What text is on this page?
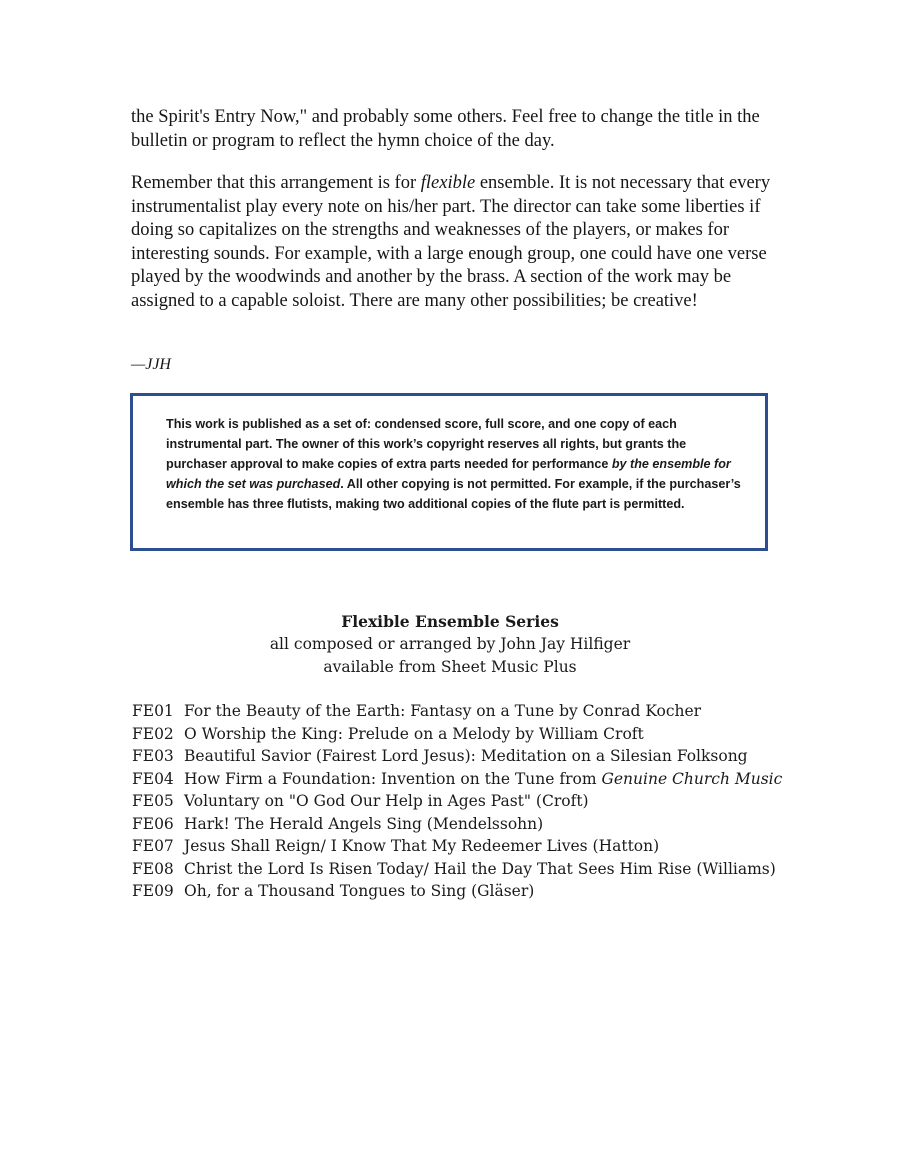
the Spirit's Entry Now," and probably some others. Feel free to change the title in the bulletin or program to reflect the hymn choice of the day.

Remember that this arrangement is for flexible ensemble. It is not necessary that every instrumentalist play every note on his/her part. The director can take some liberties if doing so capitalizes on the strengths and weaknesses of the players, or makes for interesting sounds. For example, with a large enough group, one could have one verse played by the woodwinds and another by the brass. A section of the work may be assigned to a capable soloist. There are many other possibilities; be creative!

—JJH
This work is published as a set of: condensed score, full score, and one copy of each instrumental part. The owner of this work’s copyright reserves all rights, but grants the purchaser approval to make copies of extra parts needed for performance by the ensemble for which the set was purchased. All other copying is not permitted. For example, if the purchaser’s ensemble has three flutists, making two additional copies of the flute part is permitted.
Flexible Ensemble Series
all composed or arranged by John Jay Hilfiger
available from Sheet Music Plus
FE01 For the Beauty of the Earth: Fantasy on a Tune by Conrad Kocher
FE02 O Worship the King: Prelude on a Melody by William Croft
FE03 Beautiful Savior (Fairest Lord Jesus): Meditation on a Silesian Folksong
FE04 How Firm a Foundation: Invention on the Tune from Genuine Church Music
FE05 Voluntary on "O God Our Help in Ages Past" (Croft)
FE06 Hark! The Herald Angels Sing (Mendelssohn)
FE07 Jesus Shall Reign/ I Know That My Redeemer Lives (Hatton)
FE08 Christ the Lord Is Risen Today/ Hail the Day That Sees Him Rise (Williams)
FE09 Oh, for a Thousand Tongues to Sing (Gläser)
